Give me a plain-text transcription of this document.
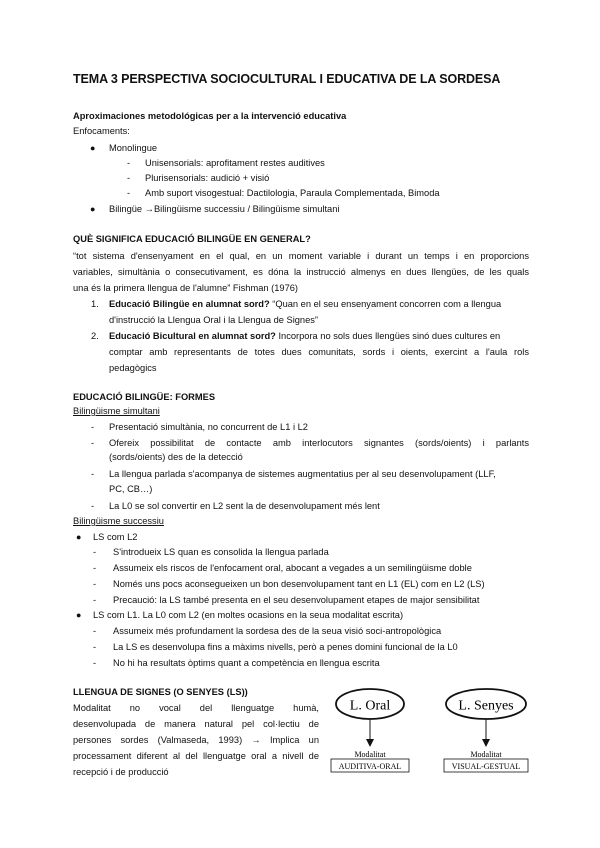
TEMA 3 PERSPECTIVA SOCIOCULTURAL I EDUCATIVA DE LA SORDESA
Aproximaciones metodológicas per a la intervenció educativa
Enfocaments:
● Monolingue
- Unisensorials: aprofitament restes auditives
- Plurisensorials: audició + visió
- Amb suport visogestual: Dactilologia, Paraula Complementada, Bimoda
● Bilingüe →Bilingüisme successiu / Bilingüisme simultani
QUÈ SIGNIFICA EDUCACIÓ BILINGÜE EN GENERAL?
“tot sistema d'ensenyament en el qual, en un moment variable i durant un temps i en proporcions
variables, simultània o consecutivament, es dóna la instrucció almenys en dues llengües, de les quals
una és la primera llengua de l'alumne” Fishman (1976)
1. Educació Bilingüe en alumnat sord? “Quan en el seu ensenyament concorren com a llengua
d'instrucció la Llengua Oral i la Llengua de Signes”
2. Educació Bicultural en alumnat sord? Incorpora no sols dues llengües sinó dues cultures en
comptar amb representants de totes dues comunitats, sords i oients, exercint a l'aula rols
pedagògics
EDUCACIÓ BILINGÜE: FORMES
Bilingüisme simultani
- Presentació simultània, no concurrent de L1 i L2
- Ofereix possibilitat de contacte amb interlocutors signantes (sords/oients) i parlants
(sords/oients) des de la detecció
- La llengua parlada s'acompanya de sistemes augmentatius per al seu desenvolupament (LLF,
PC, CB…)
- La L0 se sol convertir en L2 sent la de desenvolupament més lent
Bilingüisme successiu
● LS com L2
- S'introdueix LS quan es consolida la llengua parlada
- Assumeix els riscos de l'enfocament oral, abocant a vegades a un semilingüisme doble
- Només uns pocs aconsegueixen un bon desenvolupament tant en L1 (EL) com en L2 (LS)
- Precaució: la LS també presenta en el seu desenvolupament etapes de major sensibilitat
● LS com L1. La L0 com L2 (en moltes ocasions en la seua modalitat escrita)
- Assumeix més profundament la sordesa des de la seua visió soci-antropològica
- La LS es desenvolupa fins a màxims nivells, però a penes domini funcional de la L0
- No hi ha resultats òptims quant a competència en llengua escrita
LLENGUA DE SIGNES (O SENYES (LS))
Modalitat no vocal del llenguatge humà,
desenvolupada de manera natural pel col·lectiu de
persones sordes (Valmaseda, 1993) → Implica un
processament diferent al del llenguatge oral a nivell de
recepció i de producció
L. Oral
Modalitat
AUDITIVA-ORAL
L. Senyes
Modalitat
VISUAL-GESTUAL
